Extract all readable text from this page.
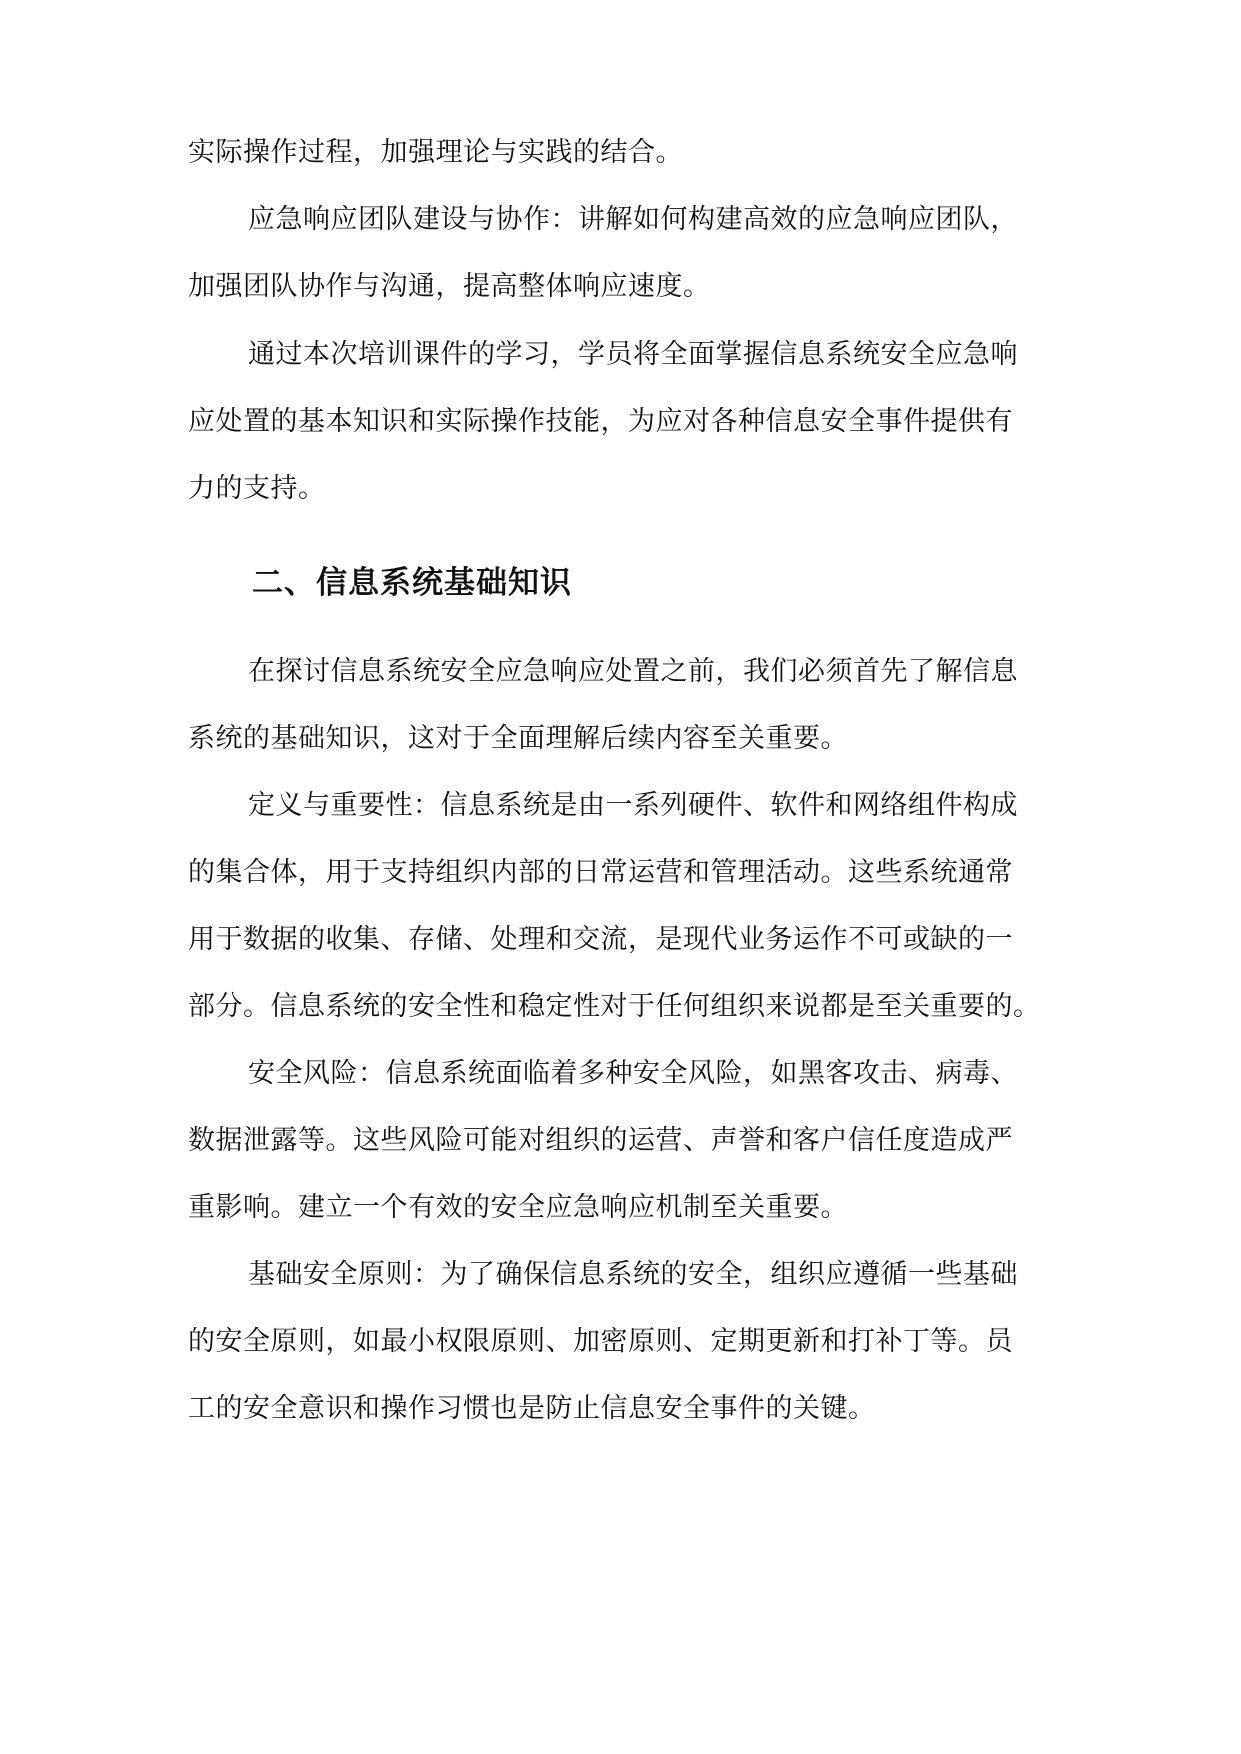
实际操作过程，加强理论与实践的结合。

应急响应团队建设与协作：讲解如何构建高效的应急响应团队，

加强团队协作与沟通，提高整体响应速度。

通过本次培训课件的学习，学员将全面掌握信息系统安全应急响

应处置的基本知识和实际操作技能，为应对各种信息安全事件提供有

力的支持。

二、信息系统基础知识

在探讨信息系统安全应急响应处置之前，我们必须首先了解信息

系统的基础知识，这对于全面理解后续内容至关重要。

定义与重要性：信息系统是由一系列硬件、软件和网络组件构成

的集合体，用于支持组织内部的日常运营和管理活动。这些系统通常

用于数据的收集、存储、处理和交流，是现代业务运作不可或缺的一

部分。信息系统的安全性和稳定性对于任何组织来说都是至关重要的。

安全风险：信息系统面临着多种安全风险，如黑客攻击、病毒、

数据泄露等。这些风险可能对组织的运营、声誉和客户信任度造成严

重影响。建立一个有效的安全应急响应机制至关重要。

基础安全原则：为了确保信息系统的安全，组织应遵循一些基础

的安全原则，如最小权限原则、加密原则、定期更新和打补丁等。员

工的安全意识和操作习惯也是防止信息安全事件的关键。
